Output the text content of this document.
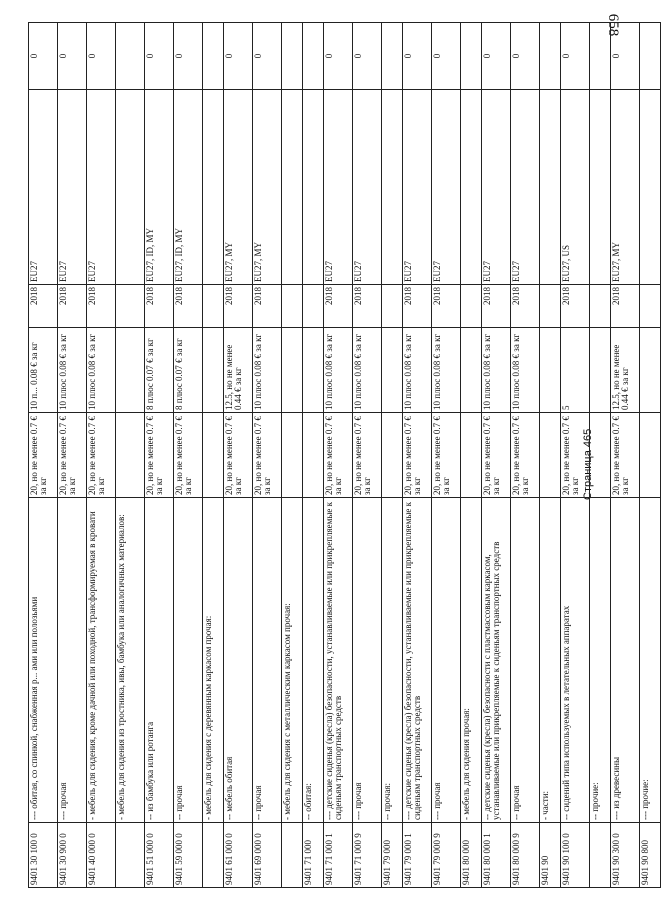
658
Страница 465
9401 30 100 0	--- обитая, со спинкой, снабженная р... ами или полозьями	20, но не менее 0.7 € за кг	10 п... 0.08 € за кг	2018	EU27	0
9401 30 900 0	--- прочая	20, но не менее 0.7 € за кг	10 плюс 0.08 € за кг	2018	EU27	0
9401 40 000 0	- мебель для сидения, кроме дачной или походной, трансформируемая в кровати	20, но не менее 0.7 € за кг	10 плюс 0.08 € за кг	2018	EU27	0
	- мебель для сидения из тростника, ивы, бамбука или аналогичных материалов:					
9401 51 000 0	-- из бамбука или ротанга	20, но не менее 0.7 € за кг	8 плюс 0.07 € за кг	2018	EU27, ID, MY	0
9401 59 000 0	-- прочая	20, но не менее 0.7 € за кг	8 плюс 0.07 € за кг	2018	EU27, ID, MY	0
	- мебель для сидения с деревянным каркасом прочая:					
9401 61 000 0	-- мебель обитая	20, но не менее 0.7 € за кг	12.5, но не менее 0.44 € за кг	2018	EU27, MY	0
9401 69 000 0	-- прочая	20, но не менее 0.7 € за кг	10 плюс 0.08 € за кг	2018	EU27, MY	0
	- мебель для сидения с металлическим каркасом прочая:					
9401 71 000	-- обитая:					
9401 71 000 1	--- детские сиденья (кресла) безопасности, устанавливаемые или прикрепляемые к сиденьям транспортных средств	20, но не менее 0.7 € за кг	10 плюс 0.08 € за кг	2018	EU27	0
9401 71 000 9	--- прочая	20, но не менее 0.7 € за кг	10 плюс 0.08 € за кг	2018	EU27	0
9401 79 000	-- прочая:					
9401 79 000 1	--- детские сиденья (кресла) безопасности, устанавливаемые или прикрепляемые к сиденьям транспортных средств	20, но не менее 0.7 € за кг	10 плюс 0.08 € за кг	2018	EU27	0
9401 79 000 9	--- прочая	20, но не менее 0.7 € за кг	10 плюс 0.08 € за кг	2018	EU27	0
9401 80 000	- мебель для сидения прочая:					
9401 80 000 1	-- детские сиденья (кресла) безопасности с пластмассовым каркасом, устанавливаемые или прикрепляемые к сиденьям транспортных средств	20, но не менее 0.7 € за кг	10 плюс 0.08 € за кг	2018	EU27	0
9401 80 000 9	-- прочая	20, но не менее 0.7 € за кг	10 плюс 0.08 € за кг	2018	EU27	0
9401 90	- части:					
9401 90 100 0	-- сидений типа используемых в летательных аппаратах	20, но не менее 0.7 € за кг	5	2018	EU27, US	0
	-- прочие:					
9401 90 300 0	--- из древесины	20, но не менее 0.7 € за кг	12.5, но не менее 0.44 € за кг	2018	EU27, MY	0
9401 90 800	--- прочие:					
